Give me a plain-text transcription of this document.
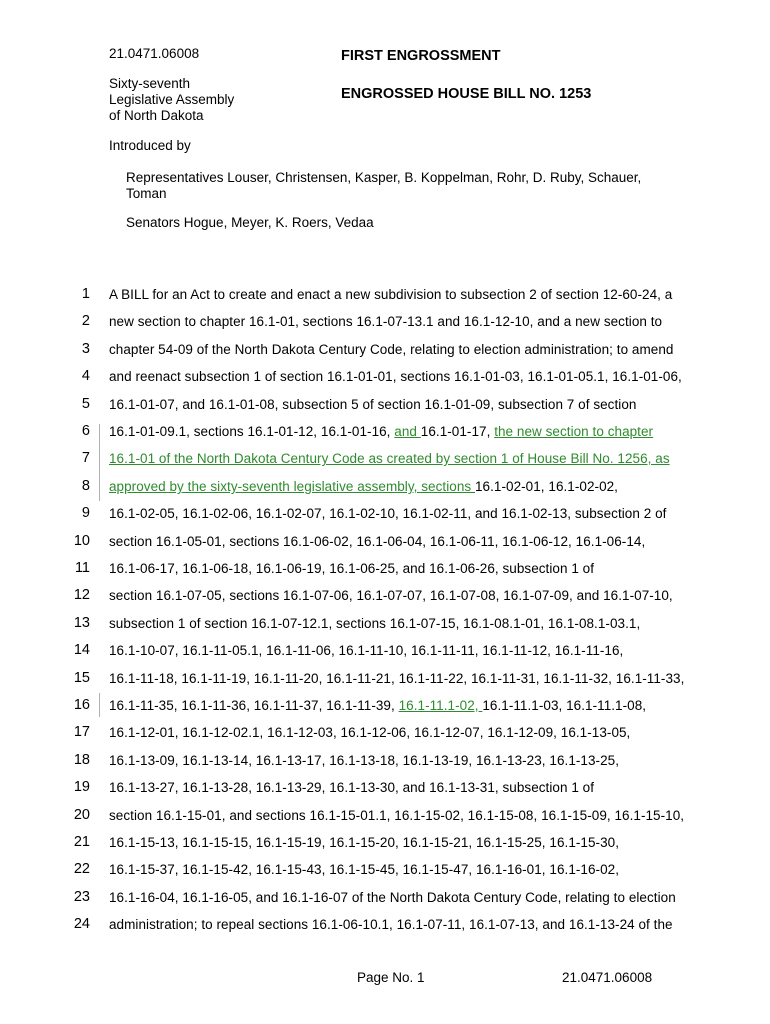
21.0471.06008	FIRST ENGROSSMENT
Sixty-seventh
Legislative Assembly
of North Dakota
ENGROSSED HOUSE BILL NO. 1253
Introduced by
Representatives Louser, Christensen, Kasper, B. Koppelman, Rohr, D. Ruby, Schauer,
Toman
Senators Hogue, Meyer, K. Roers, Vedaa
1 A BILL for an Act to create and enact a new subdivision to subsection 2 of section 12-60-24, a
2 new section to chapter 16.1-01, sections 16.1-07-13.1 and 16.1-12-10, and a new section to
3 chapter 54-09 of the North Dakota Century Code, relating to election administration; to amend
4 and reenact subsection 1 of section 16.1-01-01, sections 16.1-01-03, 16.1-01-05.1, 16.1-01-06,
5 16.1-01-07, and 16.1-01-08, subsection 5 of section 16.1-01-09, subsection 7 of section
6 16.1-01-09.1, sections 16.1-01-12, 16.1-01-16, and 16.1-01-17, the new section to chapter
7 16.1-01 of the North Dakota Century Code as created by section 1 of House Bill No. 1256, as
8 approved by the sixty-seventh legislative assembly, sections 16.1-02-01, 16.1-02-02,
9 16.1-02-05, 16.1-02-06, 16.1-02-07, 16.1-02-10, 16.1-02-11, and 16.1-02-13, subsection 2 of
10 section 16.1-05-01, sections 16.1-06-02, 16.1-06-04, 16.1-06-11, 16.1-06-12, 16.1-06-14,
11 16.1-06-17, 16.1-06-18, 16.1-06-19, 16.1-06-25, and 16.1-06-26, subsection 1 of
12 section 16.1-07-05, sections 16.1-07-06, 16.1-07-07, 16.1-07-08, 16.1-07-09, and 16.1-07-10,
13 subsection 1 of section 16.1-07-12.1, sections 16.1-07-15, 16.1-08.1-01, 16.1-08.1-03.1,
14 16.1-10-07, 16.1-11-05.1, 16.1-11-06, 16.1-11-10, 16.1-11-11, 16.1-11-12, 16.1-11-16,
15 16.1-11-18, 16.1-11-19, 16.1-11-20, 16.1-11-21, 16.1-11-22, 16.1-11-31, 16.1-11-32, 16.1-11-33,
16 16.1-11-35, 16.1-11-36, 16.1-11-37, 16.1-11-39, 16.1-11.1-02, 16.1-11.1-03, 16.1-11.1-08,
17 16.1-12-01, 16.1-12-02.1, 16.1-12-03, 16.1-12-06, 16.1-12-07, 16.1-12-09, 16.1-13-05,
18 16.1-13-09, 16.1-13-14, 16.1-13-17, 16.1-13-18, 16.1-13-19, 16.1-13-23, 16.1-13-25,
19 16.1-13-27, 16.1-13-28, 16.1-13-29, 16.1-13-30, and 16.1-13-31, subsection 1 of
20 section 16.1-15-01, and sections 16.1-15-01.1, 16.1-15-02, 16.1-15-08, 16.1-15-09, 16.1-15-10,
21 16.1-15-13, 16.1-15-15, 16.1-15-19, 16.1-15-20, 16.1-15-21, 16.1-15-25, 16.1-15-30,
22 16.1-15-37, 16.1-15-42, 16.1-15-43, 16.1-15-45, 16.1-15-47, 16.1-16-01, 16.1-16-02,
23 16.1-16-04, 16.1-16-05, and 16.1-16-07 of the North Dakota Century Code, relating to election
24 administration; to repeal sections 16.1-06-10.1, 16.1-07-11, 16.1-07-13, and 16.1-13-24 of the
Page No. 1	21.0471.06008
